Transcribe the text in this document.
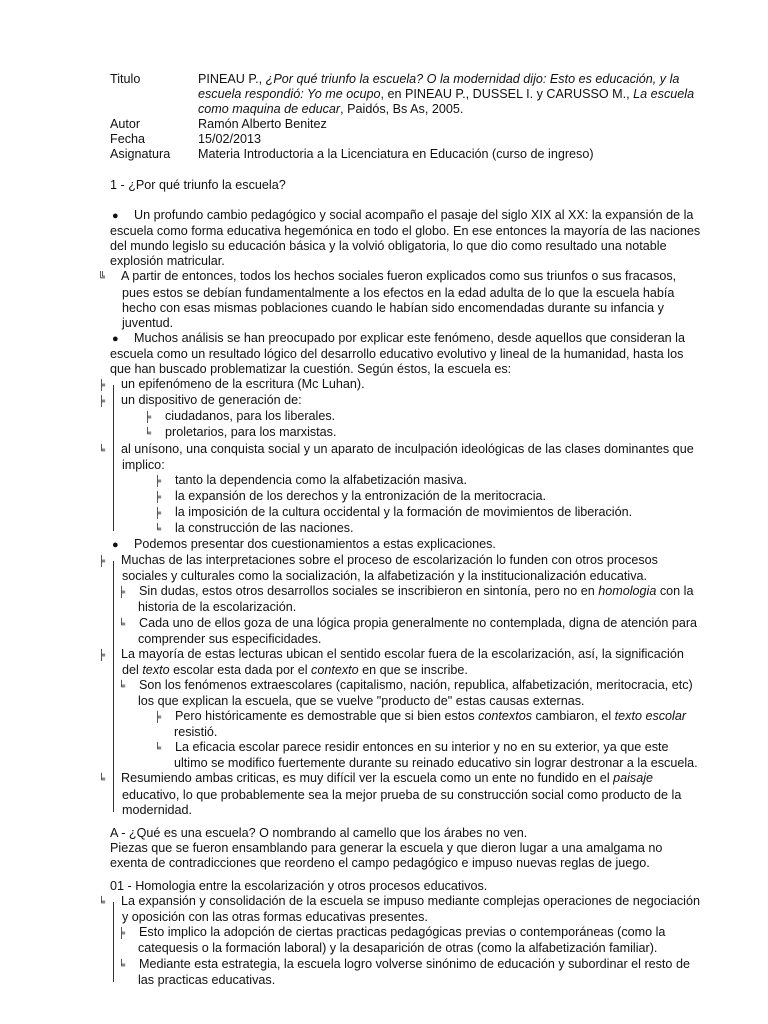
Titulo	PINEAU P., ¿Por qué triunfo la escuela? O la modernidad dijo: Esto es educación, y la escuela respondió: Yo me ocupo, en PINEAU P., DUSSEL I. y CARUSSO M., La escuela como maquina de educar, Paidós, Bs As, 2005.
Autor	Ramón Alberto Benitez
Fecha	15/02/2013
Asignatura	Materia Introductoria a la Licenciatura en Educación (curso de ingreso)

1 - ¿Por qué triunfo la escuela?

● Un profundo cambio pedagógico y social acompaño el pasaje del siglo XIX al XX: la expansión de la escuela como forma educativa hegemónica en todo el globo. En ese entonces la mayoría de las naciones del mundo legislo su educación básica y la volvió obligatoria, lo que dio como resultado una notable explosión matricular.

╚ A partir de entonces, todos los hechos sociales fueron explicados como sus triunfos o sus fracasos, pues estos se debían fundamentalmente a los efectos en la edad adulta de lo que la escuela había hecho con esas mismas poblaciones cuando le habían sido encomendadas durante su infancia y juventud.

● Muchos análisis se han preocupado por explicar este fenómeno, desde aquellos que consideran la escuela como un resultado lógico del desarrollo educativo evolutivo y lineal de la humanidad, hasta los que han buscado problematizar la cuestión. Según éstos, la escuela es:

╞ un epifenómeno de la escritura (Mc Luhan).

╞ un dispositivo de generación de:

╞ ciudadanos, para los liberales.

╘ proletarios, para los marxistas.

╘ al unísono, una conquista social y un aparato de inculpación ideológicas de las clases dominantes que implico:

╞ tanto la dependencia como la alfabetización masiva.

╞ la expansión de los derechos y la entronización de la meritocracia.

╞ la imposición de la cultura occidental y la formación de movimientos de liberación.

╘ la construcción de las naciones.

● Podemos presentar dos cuestionamientos a estas explicaciones.

╞ Muchas de las interpretaciones sobre el proceso de escolarización lo funden con otros procesos sociales y culturales como la socialización, la alfabetización y la institucionalización educativa.

╞ Sin dudas, estos otros desarrollos sociales se inscribieron en sintonía, pero no en homologia con la historia de la escolarización.

╘ Cada uno de ellos goza de una lógica propia generalmente no contemplada, digna de atención para comprender sus especificidades.

╞ La mayoría de estas lecturas ubican el sentido escolar fuera de la escolarización, así, la significación del texto escolar esta dada por el contexto en que se inscribe.

╘ Son los fenómenos extraescolares (capitalismo, nación, republica, alfabetización, meritocracia, etc) los que explican la escuela, que se vuelve "producto de" estas causas externas.

╞ Pero históricamente es demostrable que si bien estos contextos cambiaron, el texto escolar resistió.

╘ La eficacia escolar parece residir entonces en su interior y no en su exterior, ya que este ultimo se modifico fuertemente durante su reinado educativo sin lograr destronar a la escuela.

╘ Resumiendo ambas criticas, es muy difícil ver la escuela como un ente no fundido en el paisaje educativo, lo que probablemente sea la mejor prueba de su construcción social como producto de la modernidad.

A - ¿Qué es una escuela? O nombrando al camello que los árabes no ven.

Piezas que se fueron ensamblando para generar la escuela y que dieron lugar a una amalgama no exenta de contradicciones que reordeno el campo pedagógico e impuso nuevas reglas de juego.

01 - Homologia entre la escolarización y otros procesos educativos.

╘ La expansión y consolidación de la escuela se impuso mediante complejas operaciones de negociación y oposición con las otras formas educativas presentes.

╞ Esto implico la adopción de ciertas practicas pedagógicas previas o contemporáneas (como la catequesis o la formación laboral) y la desaparición de otras (como la alfabetización familiar).

╘ Mediante esta estrategia, la escuela logro volverse sinónimo de educación y subordinar el resto de las practicas educativas.
